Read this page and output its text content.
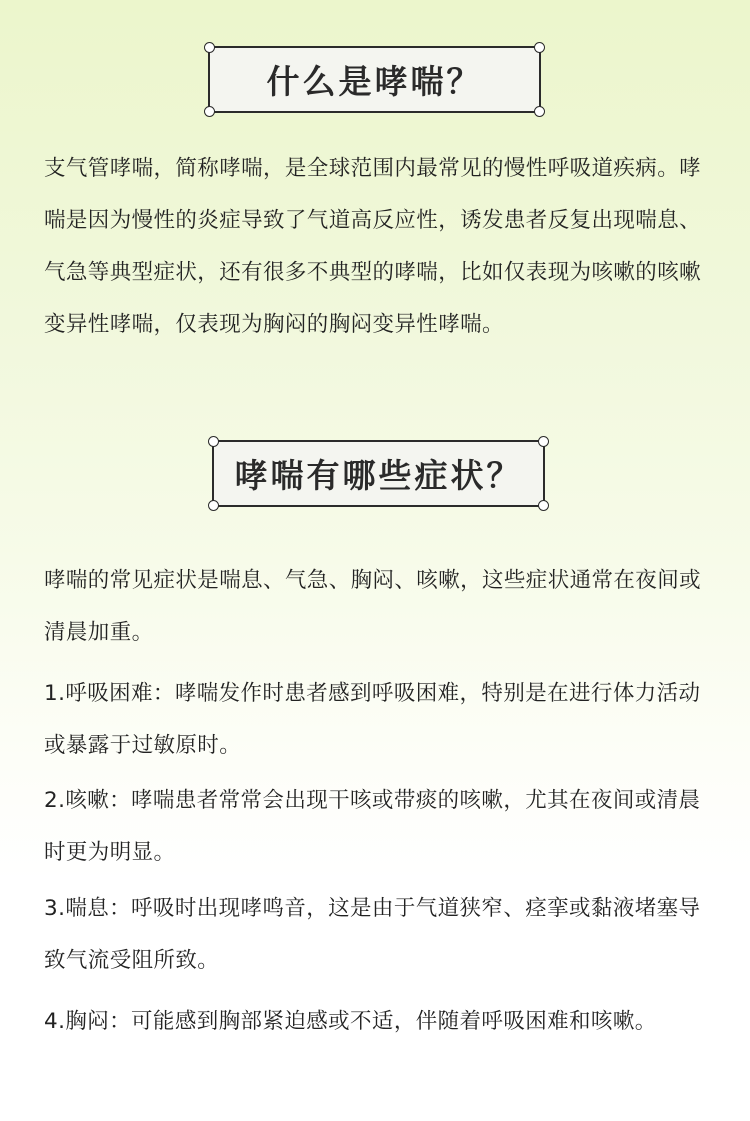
什么是哮喘？

支气管哮喘，简称哮喘，是全球范围内最常见的慢性呼吸道疾病。哮喘是因为慢性的炎症导致了气道高反应性，诱发患者反复出现喘息、气急等典型症状，还有很多不典型的哮喘，比如仅表现为咳嗽的咳嗽变异性哮喘，仅表现为胸闷的胸闷变异性哮喘。

哮喘有哪些症状？

哮喘的常见症状是喘息、气急、胸闷、咳嗽，这些症状通常在夜间或清晨加重。

1.呼吸困难：哮喘发作时患者感到呼吸困难，特别是在进行体力活动或暴露于过敏原时。

2.咳嗽：哮喘患者常常会出现干咳或带痰的咳嗽，尤其在夜间或清晨时更为明显。

3.喘息：呼吸时出现哮鸣音，这是由于气道狭窄、痉挛或黏液堵塞导致气流受阻所致。

4.胸闷：可能感到胸部紧迫感或不适，伴随着呼吸困难和咳嗽。
